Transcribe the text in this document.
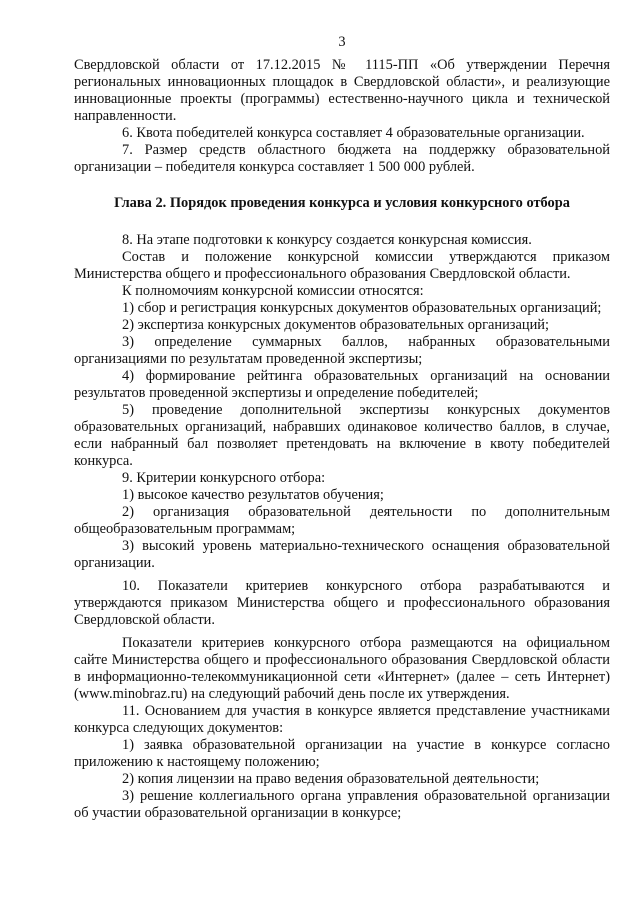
3

Свердловской области от 17.12.2015 № 1115-ПП «Об утверждении Перечня региональных инновационных площадок в Свердловской области», и реализующие инновационные проекты (программы) естественно-научного цикла и технической направленности.

6. Квота победителей конкурса составляет 4 образовательные организации.

7. Размер средств областного бюджета на поддержку образовательной организации – победителя конкурса составляет 1 500 000 рублей.

Глава 2. Порядок проведения конкурса и условия конкурсного отбора

8. На этапе подготовки к конкурсу создается конкурсная комиссия.

Состав и положение конкурсной комиссии утверждаются приказом Министерства общего и профессионального образования Свердловской области.

К полномочиям конкурсной комиссии относятся:

1) сбор и регистрация конкурсных документов образовательных организаций;

2) экспертиза конкурсных документов образовательных организаций;

3) определение суммарных баллов, набранных образовательными организациями по результатам проведенной экспертизы;

4) формирование рейтинга образовательных организаций на основании результатов проведенной экспертизы и определение победителей;

5) проведение дополнительной экспертизы конкурсных документов образовательных организаций, набравших одинаковое количество баллов, в случае, если набранный бал позволяет претендовать на включение в квоту победителей конкурса.

9. Критерии конкурсного отбора:

1) высокое качество результатов обучения;

2) организация образовательной деятельности по дополнительным общеобразовательным программам;

3) высокий уровень материально-технического оснащения образовательной организации.

10. Показатели критериев конкурсного отбора разрабатываются и утверждаются приказом Министерства общего и профессионального образования Свердловской области.

Показатели критериев конкурсного отбора размещаются на официальном сайте Министерства общего и профессионального образования Свердловской области в информационно-телекоммуникационной сети «Интернет» (далее – сеть Интернет) (www.minobraz.ru) на следующий рабочий день после их утверждения.

11. Основанием для участия в конкурсе является представление участниками конкурса следующих документов:

1) заявка образовательной организации на участие в конкурсе согласно приложению к настоящему положению;

2) копия лицензии на право ведения образовательной деятельности;

3) решение коллегиального органа управления образовательной организации об участии образовательной организации в конкурсе;
